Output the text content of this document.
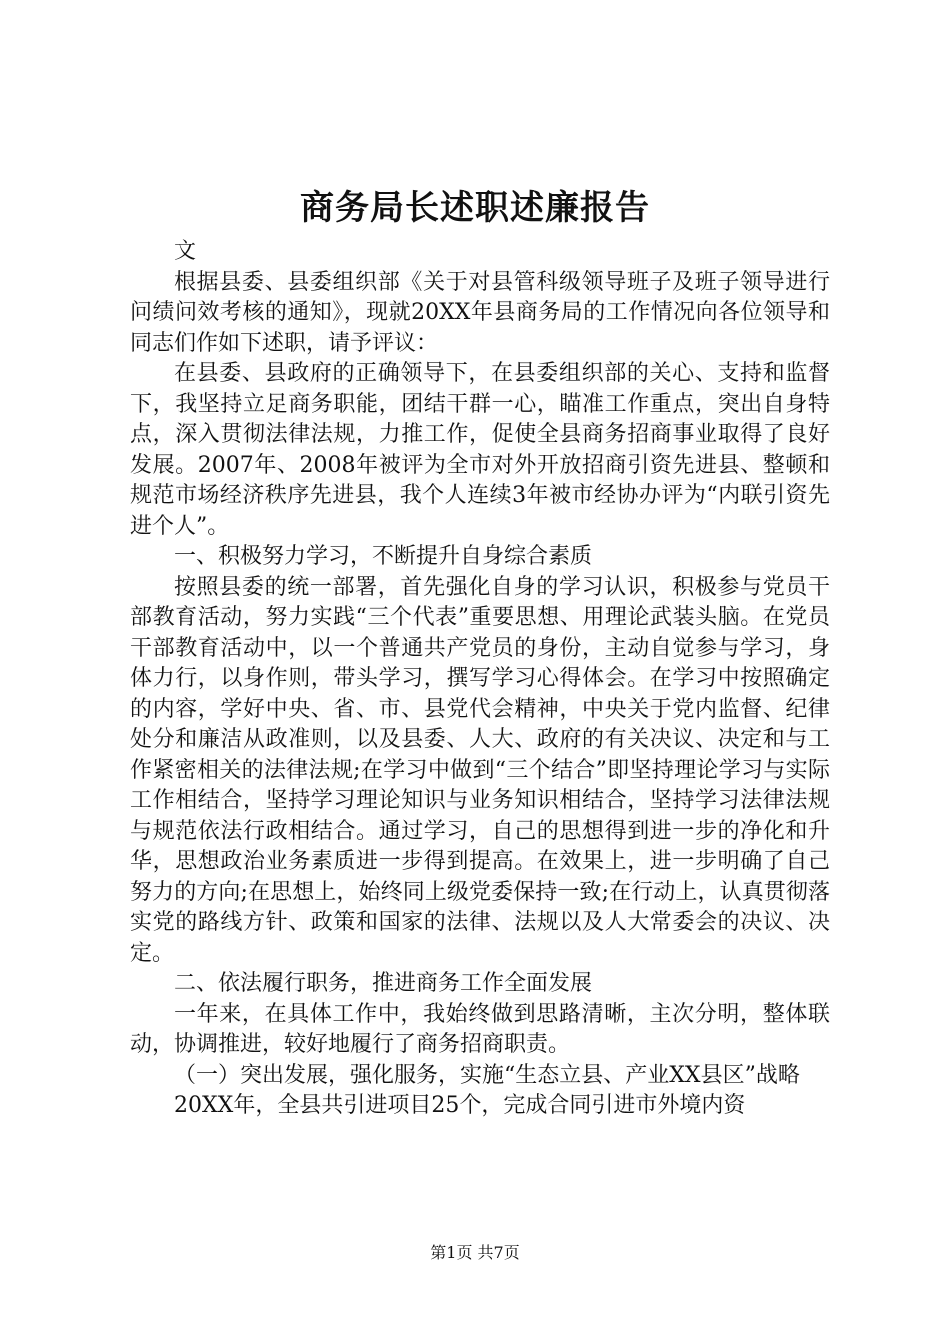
商务局长述职述廉报告

文

根据县委、县委组织部《关于对县管科级领导班子及班子领导进行问绩问效考核的通知》，现就20XX年县商务局的工作情况向各位领导和同志们作如下述职，请予评议：

在县委、县政府的正确领导下，在县委组织部的关心、支持和监督下，我坚持立足商务职能，团结干群一心，瞄准工作重点，突出自身特点，深入贯彻法律法规，力推工作，促使全县商务招商事业取得了良好发展。2007年、2008年被评为全市对外开放招商引资先进县、整顿和规范市场经济秩序先进县，我个人连续3年被市经协办评为“内联引资先进个人”。

一、积极努力学习，不断提升自身综合素质

按照县委的统一部署，首先强化自身的学习认识，积极参与党员干部教育活动，努力实践“三个代表”重要思想、用理论武装头脑。在党员干部教育活动中，以一个普通共产党员的身份，主动自觉参与学习，身体力行，以身作则，带头学习，撰写学习心得体会。在学习中按照确定的内容，学好中央、省、市、县党代会精神，中央关于党内监督、纪律处分和廉洁从政准则，以及县委、人大、政府的有关决议、决定和与工作紧密相关的法律法规;在学习中做到“三个结合”即坚持理论学习与实际工作相结合，坚持学习理论知识与业务知识相结合，坚持学习法律法规与规范依法行政相结合。通过学习，自己的思想得到进一步的净化和升华，思想政治业务素质进一步得到提高。在效果上，进一步明确了自己努力的方向;在思想上，始终同上级党委保持一致;在行动上，认真贯彻落实党的路线方针、政策和国家的法律、法规以及人大常委会的决议、决定。

二、依法履行职务，推进商务工作全面发展

一年来，在具体工作中，我始终做到思路清晰，主次分明，整体联动，协调推进，较好地履行了商务招商职责。

（一）突出发展，强化服务，实施“生态立县、产业XX县区”战略

20XX年，全县共引进项目25个，完成合同引进市外境内资

第1页 共7页
